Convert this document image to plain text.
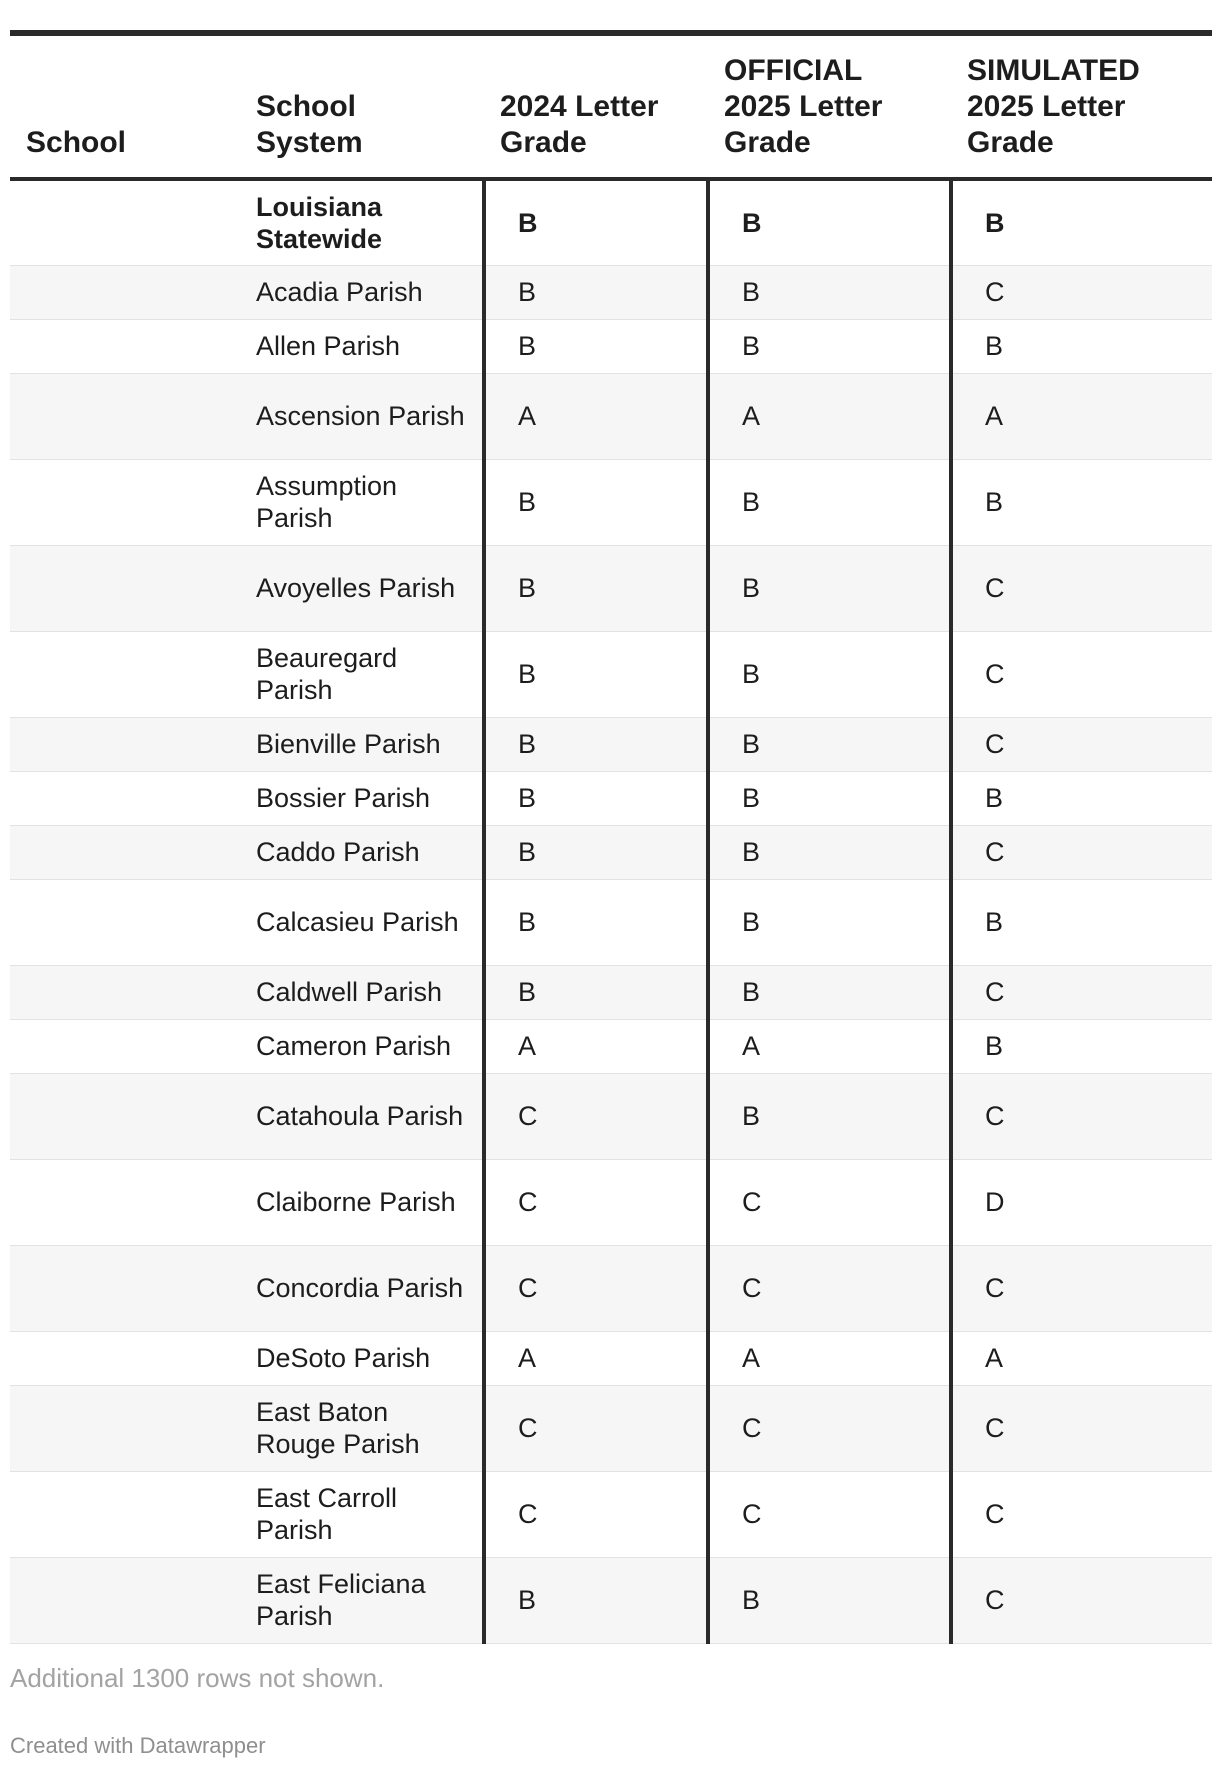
School	School System	2024 Letter Grade	OFFICIAL 2025 Letter Grade	SIMULATED 2025 Letter Grade
	Louisiana Statewide	B	B	B
	Acadia Parish	B	B	C
	Allen Parish	B	B	B
	Ascension Parish	A	A	A
	Assumption Parish	B	B	B
	Avoyelles Parish	B	B	C
	Beauregard Parish	B	B	C
	Bienville Parish	B	B	C
	Bossier Parish	B	B	B
	Caddo Parish	B	B	C
	Calcasieu Parish	B	B	B
	Caldwell Parish	B	B	C
	Cameron Parish	A	A	B
	Catahoula Parish	C	B	C
	Claiborne Parish	C	C	D
	Concordia Parish	C	C	C
	DeSoto Parish	A	A	A
	East Baton Rouge Parish	C	C	C
	East Carroll Parish	C	C	C
	East Feliciana Parish	B	B	C
Additional 1300 rows not shown.
Created with Datawrapper
